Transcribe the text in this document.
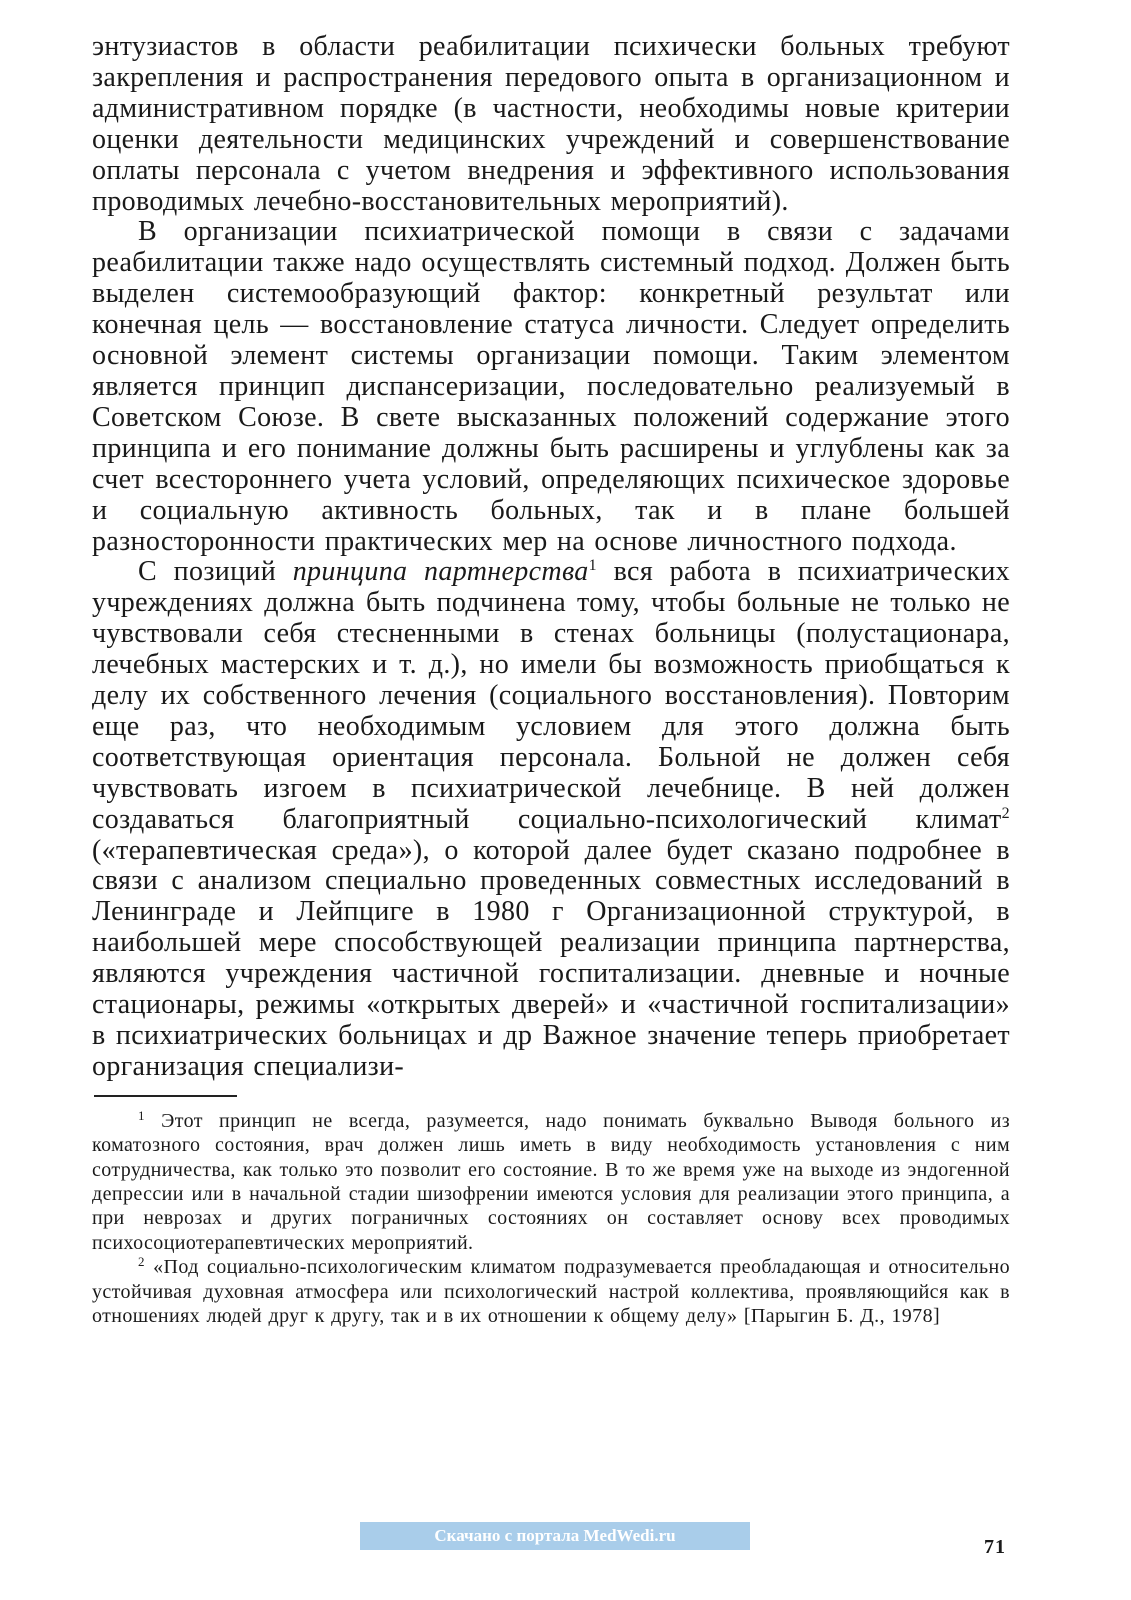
энтузиастов в области реабилитации психически больных требуют закрепления и распространения передового опыта в организационном и административном порядке (в частности, необходимы новые критерии оценки деятельности медицинских учреждений и совершенствование оплаты персонала с учетом внедрения и эффективного использования проводимых лечебно-восстановительных мероприятий).

В организации психиатрической помощи в связи с задачами реабилитации также надо осуществлять системный подход. Должен быть выделен системообразующий фактор: конкретный результат или конечная цель — восстановление статуса личности. Следует определить основной элемент системы организации помощи. Таким элементом является принцип диспансеризации, последовательно реализуемый в Советском Союзе. В свете высказанных положений содержание этого принципа и его понимание должны быть расширены и углублены как за счет всестороннего учета условий, определяющих психическое здоровье и социальную активность больных, так и в плане большей разносторонности практических мер на основе личностного подхода.

С позиций принципа партнерства$^1$ вся работа в психиатрических учреждениях должна быть подчинена тому, чтобы больные не только не чувствовали себя стесненными в стенах больницы (полустационара, лечебных мастерских и т. д.), но имели бы возможность приобщаться к делу их собственного лечения (социального восстановления). Повторим еще раз, что необходимым условием для этого должна быть соответствующая ориентация персонала. Больной не должен себя чувствовать изгоем в психиатрической лечебнице. В ней должен создаваться благоприятный социально-психологический климат$^2$ («терапевтическая среда»), о которой далее будет сказано подробнее в связи с анализом специально проведенных совместных исследований в Ленинграде и Лейпциге в 1980 г Организационной структурой, в наибольшей мере способствующей реализации принципа партнерства, являются учреждения частичной госпитализации. дневные и ночные стационары, режимы «открытых дверей» и «частичной госпитализации» в психиатрических больницах и др Важное значение теперь приобретает организация специализи-

$^1$ Этот принцип не всегда, разумеется, надо понимать буквально Выводя больного из коматозного состояния, врач должен лишь иметь в виду необходимость установления с ним сотрудничества, как только это позволит его состояние. В то же время уже на выходе из эндогенной депрессии или в начальной стадии шизофрении имеются условия для реализации этого принципа, а при неврозах и других пограничных состояниях он составляет основу всех проводимых психосоциотерапевтических мероприятий.

$^2$ «Под социально-психологическим климатом подразумевается преобладающая и относительно устойчивая духовная атмосфера или психологический настрой коллектива, проявляющийся как в отношениях людей друг к другу, так и в их отношении к общему делу» [Парыгин Б. Д., 1978]

Скачано с портала MedWedi.ru
71
